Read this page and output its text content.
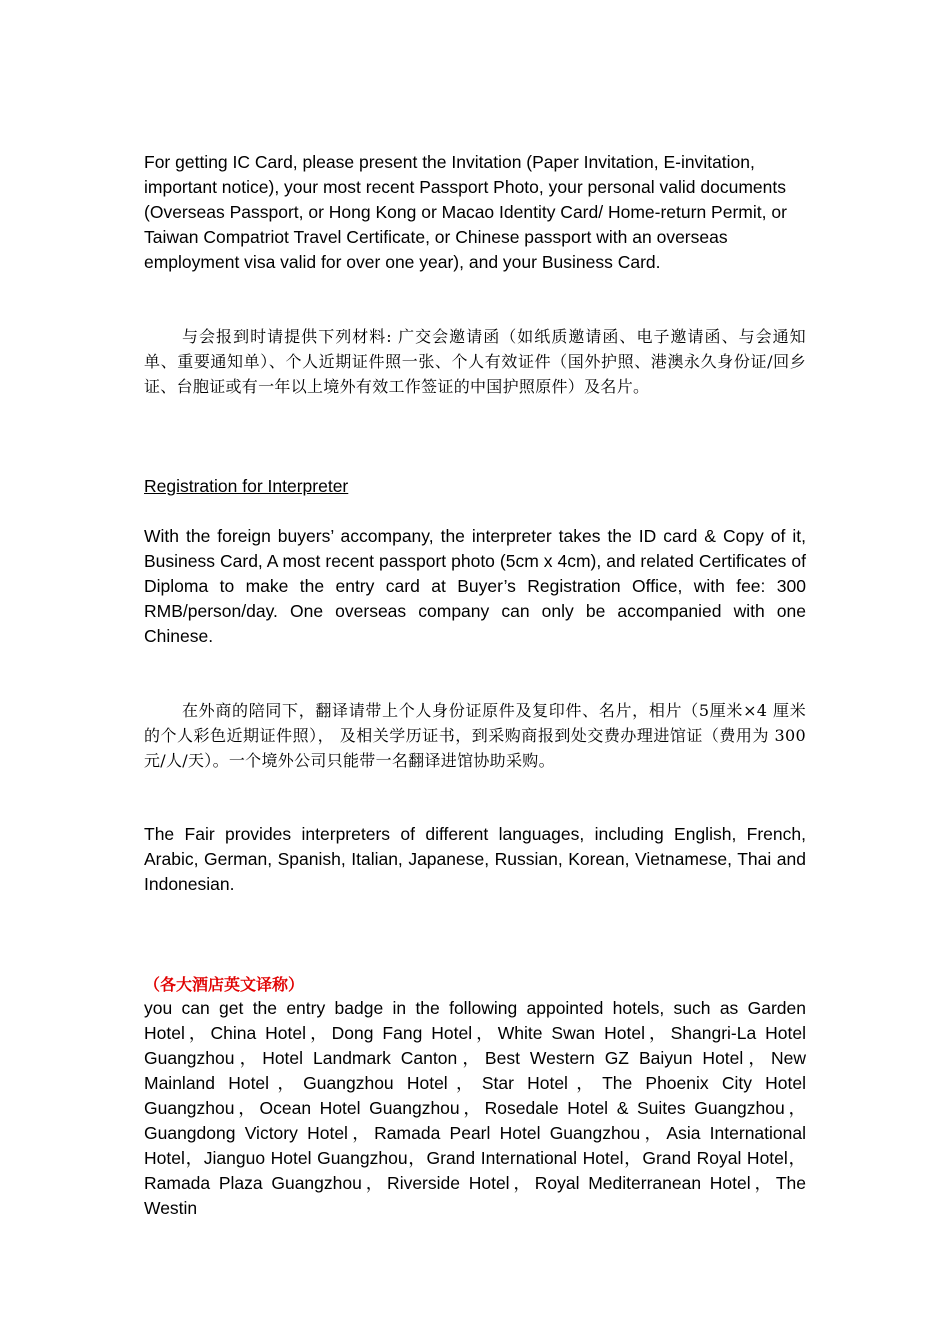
For getting IC Card, please present the Invitation (Paper Invitation, E-invitation, important notice), your most recent Passport Photo, your personal valid documents (Overseas Passport, or Hong Kong or Macao Identity Card/ Home-return Permit, or Taiwan Compatriot Travel Certificate, or Chinese passport with an overseas employment visa valid for over one year), and your Business Card.

与会报到时请提供下列材料: 广交会邀请函（如纸质邀请函、电子邀请函、与会通知单、重要通知单）、个人近期证件照一张、个人有效证件（国外护照、港澳永久身份证/回乡证、台胞证或有一年以上境外有效工作签证的中国护照原件）及名片。

Registration for Interpreter

With the foreign buyers’ accompany, the interpreter takes the ID card & Copy of it, Business Card, A most recent passport photo (5cm x 4cm), and related Certificates of Diploma to make the entry card at Buyer’s Registration Office, with fee: 300 RMB/person/day. One overseas company can only be accompanied with one Chinese.

在外商的陪同下，翻译请带上个人身份证原件及复印件、名片，相片（5厘米×4 厘米的个人彩色近期证件照）， 及相关学历证书，到采购商报到处交费办理进馆证（费用为 300 元/人/天）。一个境外公司只能带一名翻译进馆协助采购。

The Fair provides interpreters of different languages, including English, French, Arabic, German, Spanish, Italian, Japanese, Russian, Korean, Vietnamese, Thai and Indonesian.

（各大酒店英文译称）

you can get the entry badge in the following appointed hotels, such as Garden Hotel，China Hotel，Dong Fang Hotel，White Swan Hotel，Shangri-La Hotel Guangzhou，Hotel Landmark Canton，Best Western GZ Baiyun Hotel，New Mainland Hotel，Guangzhou Hotel，Star Hotel，The Phoenix City Hotel Guangzhou，Ocean Hotel Guangzhou，Rosedale Hotel & Suites Guangzhou，Guangdong Victory Hotel，Ramada Pearl Hotel Guangzhou，Asia International Hotel，Jianguo Hotel Guangzhou，Grand International Hotel，Grand Royal Hotel，Ramada Plaza Guangzhou，Riverside Hotel，Royal Mediterranean Hotel，The Westin
